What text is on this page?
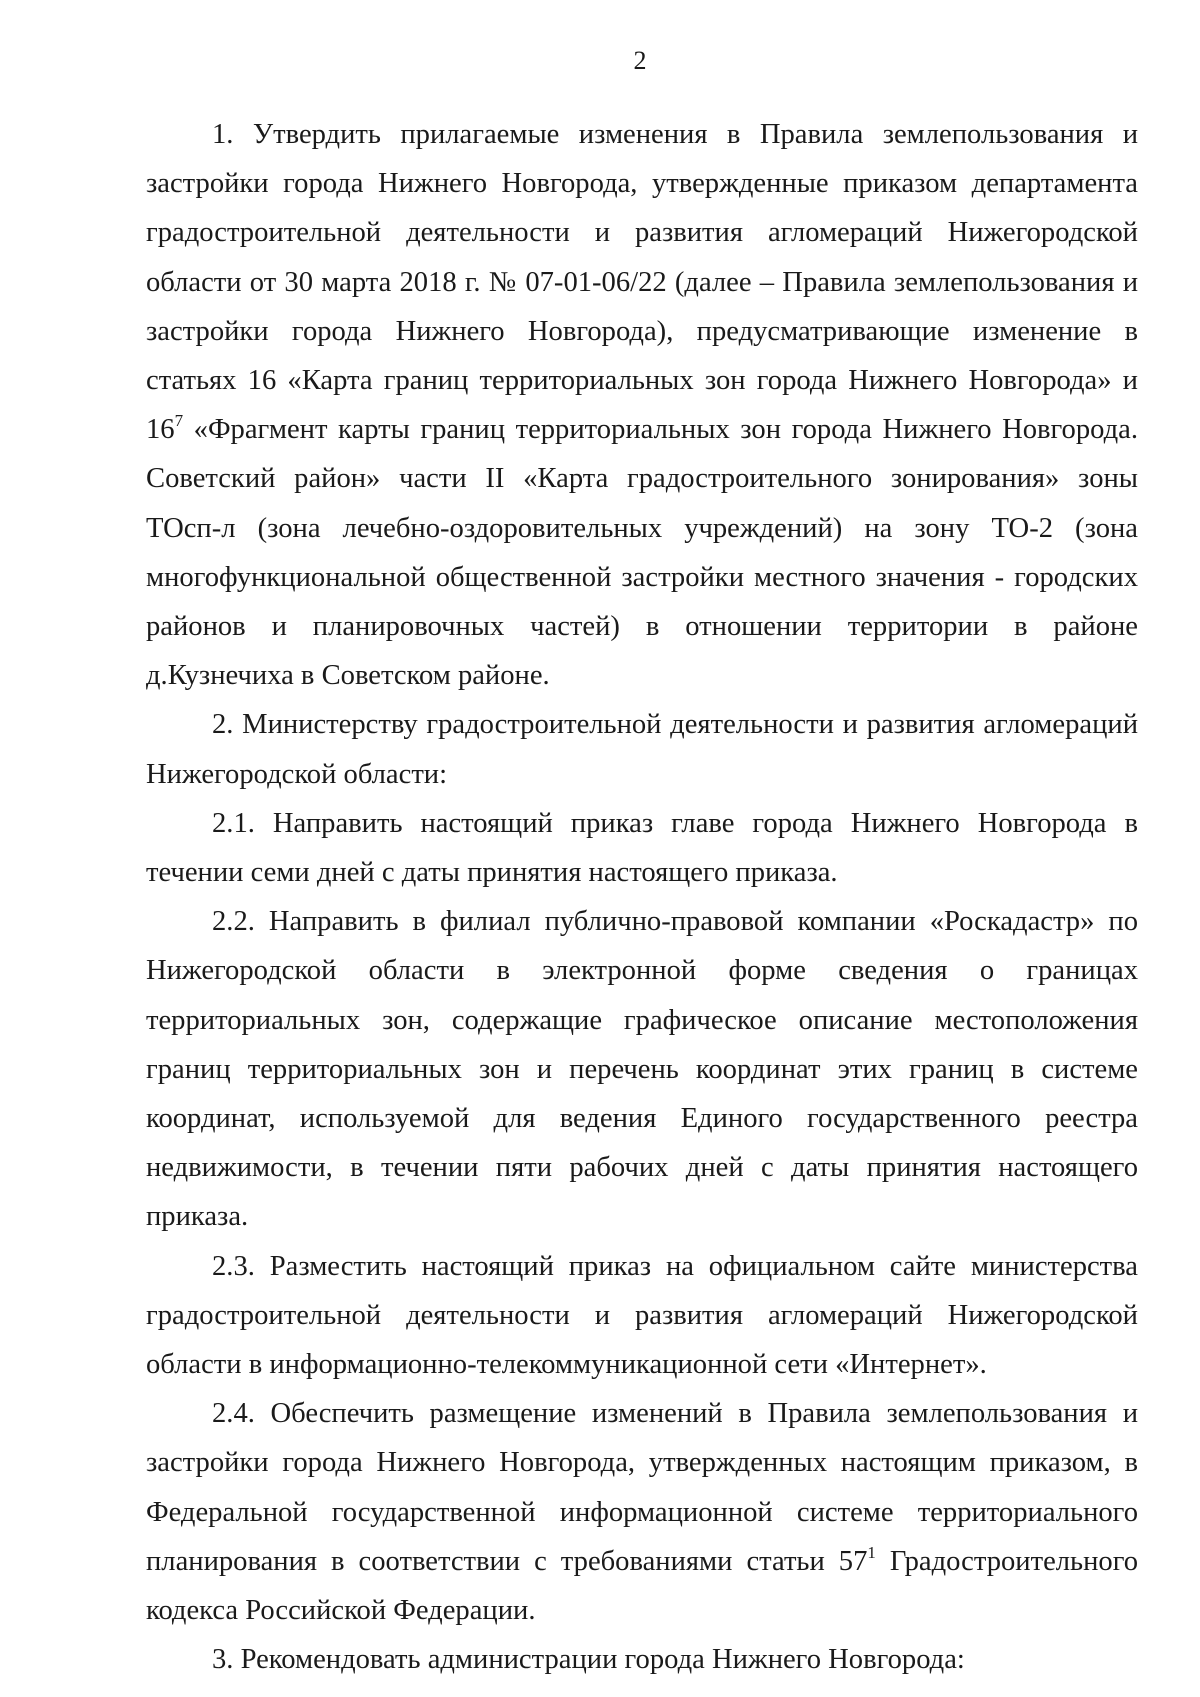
2

1. Утвердить прилагаемые изменения в Правила землепользования и застройки города Нижнего Новгорода, утвержденные приказом департамента градостроительной деятельности и развития агломераций Нижегородской области от 30 марта 2018 г. № 07-01-06/22 (далее – Правила землепользования и застройки города Нижнего Новгорода), предусматривающие изменение в статьях 16 «Карта границ территориальных зон города Нижнего Новгорода» и $16^7$ «Фрагмент карты границ территориальных зон города Нижнего Новгорода. Советский район» части II «Карта градостроительного зонирования» зоны ТОсп-л (зона лечебно-оздоровительных учреждений) на зону ТО-2 (зона многофункциональной общественной застройки местного значения - городских районов и планировочных частей) в отношении территории в районе д.Кузнечиха в Советском районе.

2. Министерству градостроительной деятельности и развития агломераций Нижегородской области:

2.1. Направить настоящий приказ главе города Нижнего Новгорода в течении семи дней с даты принятия настоящего приказа.

2.2. Направить в филиал публично-правовой компании «Роскадастр» по Нижегородской области в электронной форме сведения о границах территориальных зон, содержащие графическое описание местоположения границ территориальных зон и перечень координат этих границ в системе координат, используемой для ведения Единого государственного реестра недвижимости, в течении пяти рабочих дней с даты принятия настоящего приказа.

2.3. Разместить настоящий приказ на официальном сайте министерства градостроительной деятельности и развития агломераций Нижегородской области в информационно-телекоммуникационной сети «Интернет».

2.4. Обеспечить размещение изменений в Правила землепользования и застройки города Нижнего Новгорода, утвержденных настоящим приказом, в Федеральной государственной информационной системе территориального планирования в соответствии с требованиями статьи $57^1$ Градостроительного кодекса Российской Федерации.

3. Рекомендовать администрации города Нижнего Новгорода:
